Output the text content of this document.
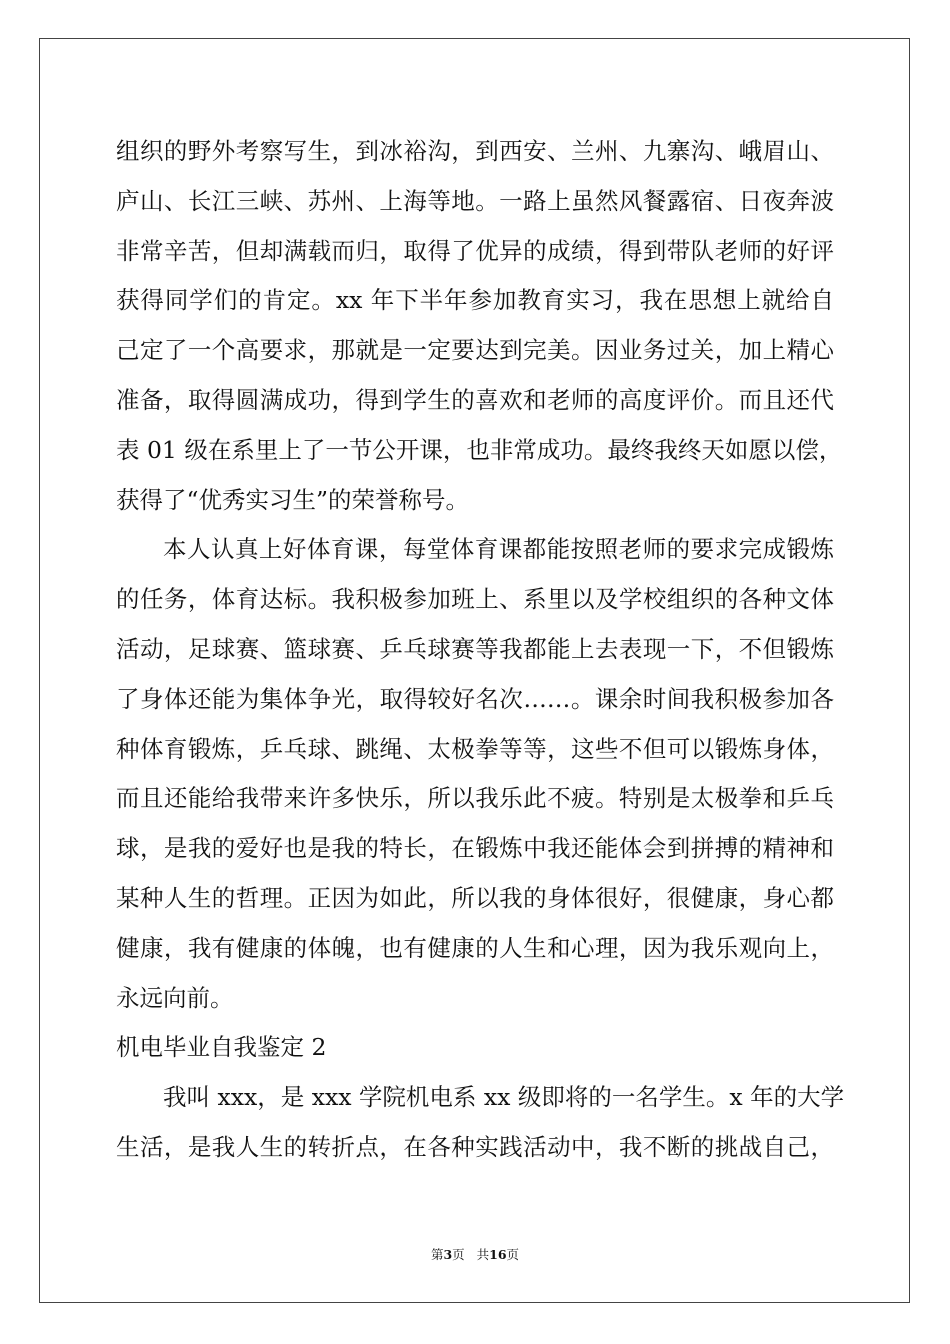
组织的野外考察写生，到冰裕沟，到西安、兰州、九寨沟、峨眉山、
庐山、长江三峡、苏州、上海等地。一路上虽然风餐露宿、日夜奔波
非常辛苦，但却满载而归，取得了优异的成绩，得到带队老师的好评
获得同学们的肯定。xx 年下半年参加教育实习，我在思想上就给自
己定了一个高要求，那就是一定要达到完美。因业务过关，加上精心
准备，取得圆满成功，得到学生的喜欢和老师的高度评价。而且还代
表 01 级在系里上了一节公开课，也非常成功。最终我终天如愿以偿，
获得了“优秀实习生”的荣誉称号。
本人认真上好体育课，每堂体育课都能按照老师的要求完成锻炼
的任务，体育达标。我积极参加班上、系里以及学校组织的各种文体
活动，足球赛、篮球赛、乒乓球赛等我都能上去表现一下，不但锻炼
了身体还能为集体争光，取得较好名次……。课余时间我积极参加各
种体育锻炼，乒乓球、跳绳、太极拳等等，这些不但可以锻炼身体，
而且还能给我带来许多快乐，所以我乐此不疲。特别是太极拳和乒乓
球，是我的爱好也是我的特长，在锻炼中我还能体会到拼搏的精神和
某种人生的哲理。正因为如此，所以我的身体很好，很健康，身心都
健康，我有健康的体魄，也有健康的人生和心理，因为我乐观向上，
永远向前。
机电毕业自我鉴定 2
我叫 xxx，是 xxx 学院机电系 xx 级即将的一名学生。x 年的大学
生活，是我人生的转折点，在各种实践活动中，我不断的挑战自己，
第3页 共16页
